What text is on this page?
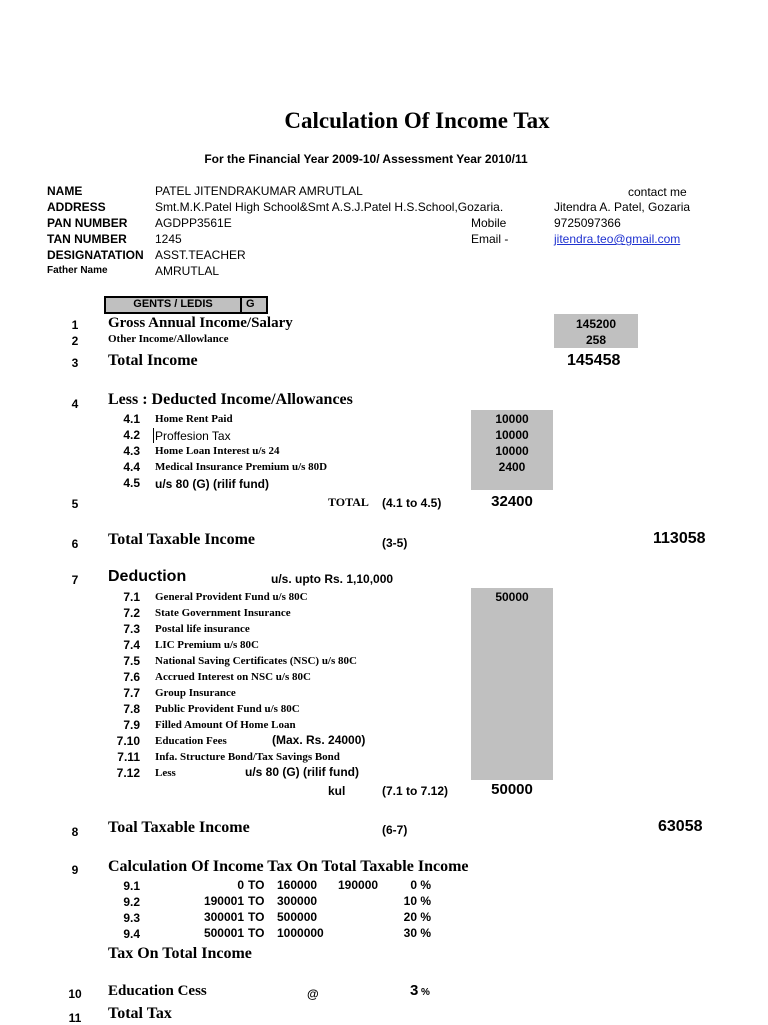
Calculation Of Income Tax
For the Financial Year 2009-10/ Assessment Year 2010/11
NAME	PATEL JITENDRAKUMAR AMRUTLAL	contact me
ADDRESS	Smt.M.K.Patel High School&Smt A.S.J.Patel H.S.School,Gozaria.	Jitendra A. Patel, Gozaria
PAN NUMBER AGDPP3561E	Mobile	9725097366
TAN NUMBER 1245	Email -	jitendra.teo@gmail.com
DESIGNATATION ASST.TEACHER
Father Name	AMRUTLAL
GENTS / LEDIS	G
1	Gross Annual Income/Salary	145200
2	Other Income/Allowlance	258
3	Total Income	145458
4	Less : Deducted Income/Allowances
4.1 Home Rent Paid	10000
4.2 Proffesion Tax	10000
4.3 Home Loan Interest u/s 24	10000
4.4 Medical Insurance Premium u/s 80D	2400
4.5 u/s 80 (G) (rilif fund)
5	TOTAL (4.1 to 4.5)	32400
6	Total Taxable Income	(3-5)	113058
7	Deduction	u/s. upto Rs. 1,10,000
7.1 General Provident Fund u/s 80C	50000
7.2 State Government Insurance
7.3 Postal life insurance
7.4 LIC Premium u/s 80C
7.5 National Saving Certificates (NSC) u/s 80C
7.6 Accrued Interest on NSC u/s 80C
7.7 Group Insurance
7.8 Public Provident Fund u/s 80C
7.9 Filled Amount Of Home Loan
7.10 Education Fees	(Max. Rs. 24000)
7.11 Infa. Structure Bond/Tax Savings Bond
7.12 Less	u/s 80 (G) (rilif fund)
kul	(7.1 to 7.12)	50000
8	Toal Taxable Income	(6-7)	63058
9	Calculation Of Income Tax On Total Taxable Income
9.1	0 TO 160000 190000	0 %
9.2	190001 TO 300000	10 %
9.3	300001 TO 500000	20 %
9.4	500001 TO 1000000	30 %
Tax On Total Income
10	Education Cess	@	3 %
11	Total Tax
